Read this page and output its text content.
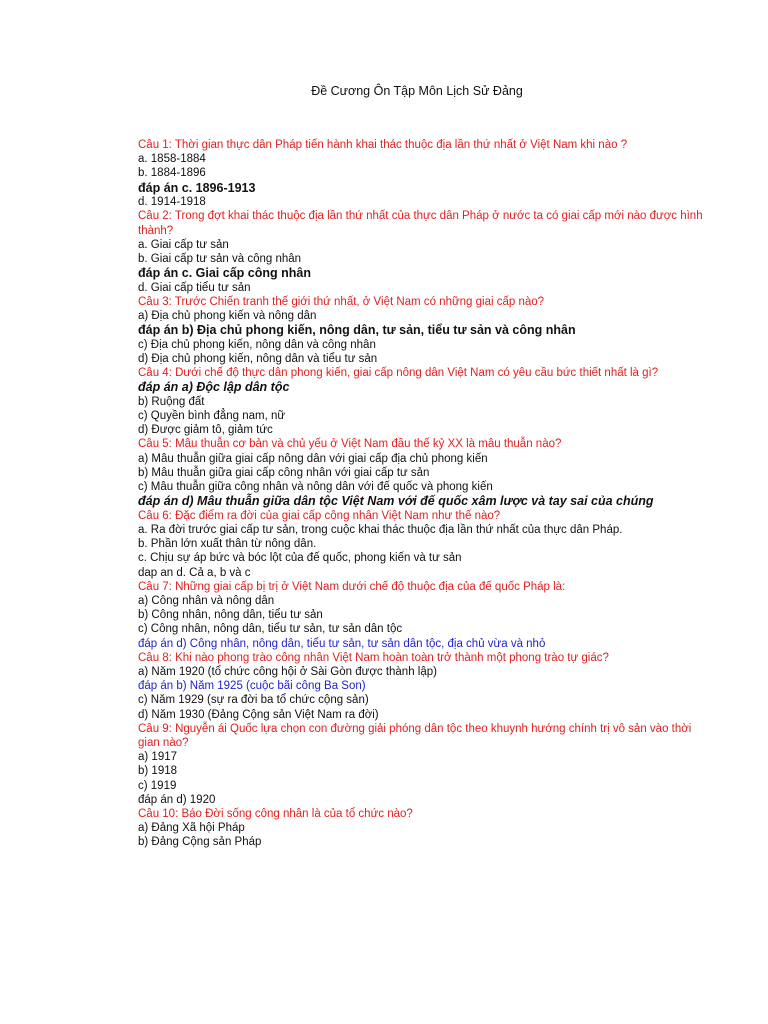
Đề Cương Ôn Tập Môn Lịch Sử Đảng

Câu 1: Thời gian thực dân Pháp tiến hành khai thác thuộc địa lần thứ nhất ở Việt Nam khi nào ?

a. 1858-1884

b. 1884-1896

đáp án c. 1896-1913

d. 1914-1918

Câu 2: Trong đợt khai thác thuộc địa lần thứ nhất của thực dân Pháp ở nước ta có giai cấp mới nào được hình thành?

a. Giai cấp tư sản

b. Giai cấp tư sản và công nhân

đáp án c. Giai cấp công nhân

d. Giai cấp tiểu tư sản

Câu 3: Trước Chiến tranh thế giới thứ nhất, ở Việt Nam có những giai cấp nào?

a) Địa chủ phong kiến và nông dân

đáp án b) Địa chủ phong kiến, nông dân, tư sản, tiểu tư sản và công nhân

c) Địa chủ phong kiến, nông dân và công nhân

d) Địa chủ phong kiến, nông dân và tiểu tư sản

Câu 4: Dưới chế độ thực dân phong kiến, giai cấp nông dân Việt Nam có yêu cầu bức thiết nhất là gì?

đáp án a) Độc lập dân tộc

b) Ruộng đất

c) Quyền bình đẳng nam, nữ

d) Được giảm tô, giảm tức

Câu 5: Mâu thuẫn cơ bản và chủ yếu ở Việt Nam đầu thế kỷ XX là mâu thuẫn nào?

a) Mâu thuẫn giữa giai cấp nông dân với giai cấp địa chủ phong kiến

b) Mâu thuẫn giữa giai cấp công nhân với giai cấp tư sản

c) Mâu thuẫn giữa công nhân và nông dân với đế quốc và phong kiến

đáp án d) Mâu thuẫn giữa dân tộc Việt Nam với đế quốc xâm lược và tay sai của chúng

Câu 6: Đặc điểm ra đời của giai cấp công nhân Việt Nam như thế nào?

a. Ra đời trước giai cấp tư sản, trong cuộc khai thác thuộc địa lần thứ nhất của thực dân Pháp.

b. Phần lớn xuất thân từ nông dân.

c. Chịu sự áp bức và bóc lột của đế quốc, phong kiến và tư sản

dap an d. Cả a, b và c

Câu 7: Những giai cấp bị trị ở Việt Nam dưới chế độ thuộc địa của đế quốc Pháp là:

a) Công nhân và nông dân

b) Công nhân, nông dân, tiểu tư sản

c) Công nhân, nông dân, tiểu tư sản, tư sản dân tộc

đáp án d) Công nhân, nông dân, tiểu tư sản, tư sản dân tộc, địa chủ vừa và nhỏ

Câu 8: Khi nào phong trào công nhân Việt Nam hoàn toàn trở thành một phong trào tự giác?

a) Năm 1920 (tổ chức công hội ở Sài Gòn được thành lập)

đáp án b) Năm 1925 (cuộc bãi công Ba Son)

c) Năm 1929 (sự ra đời ba tổ chức cộng sản)

d) Năm 1930 (Đảng Cộng sản Việt Nam ra đời)

Câu 9: Nguyễn ái Quốc lựa chọn con đường giải phóng dân tộc theo khuynh hướng chính trị vô sản vào thời gian nào?

a) 1917

b) 1918

c) 1919

đáp án d) 1920

Câu 10: Báo Đời sống công nhân là của tổ chức nào?

a) Đảng Xã hội Pháp

b) Đảng Cộng sản Pháp
